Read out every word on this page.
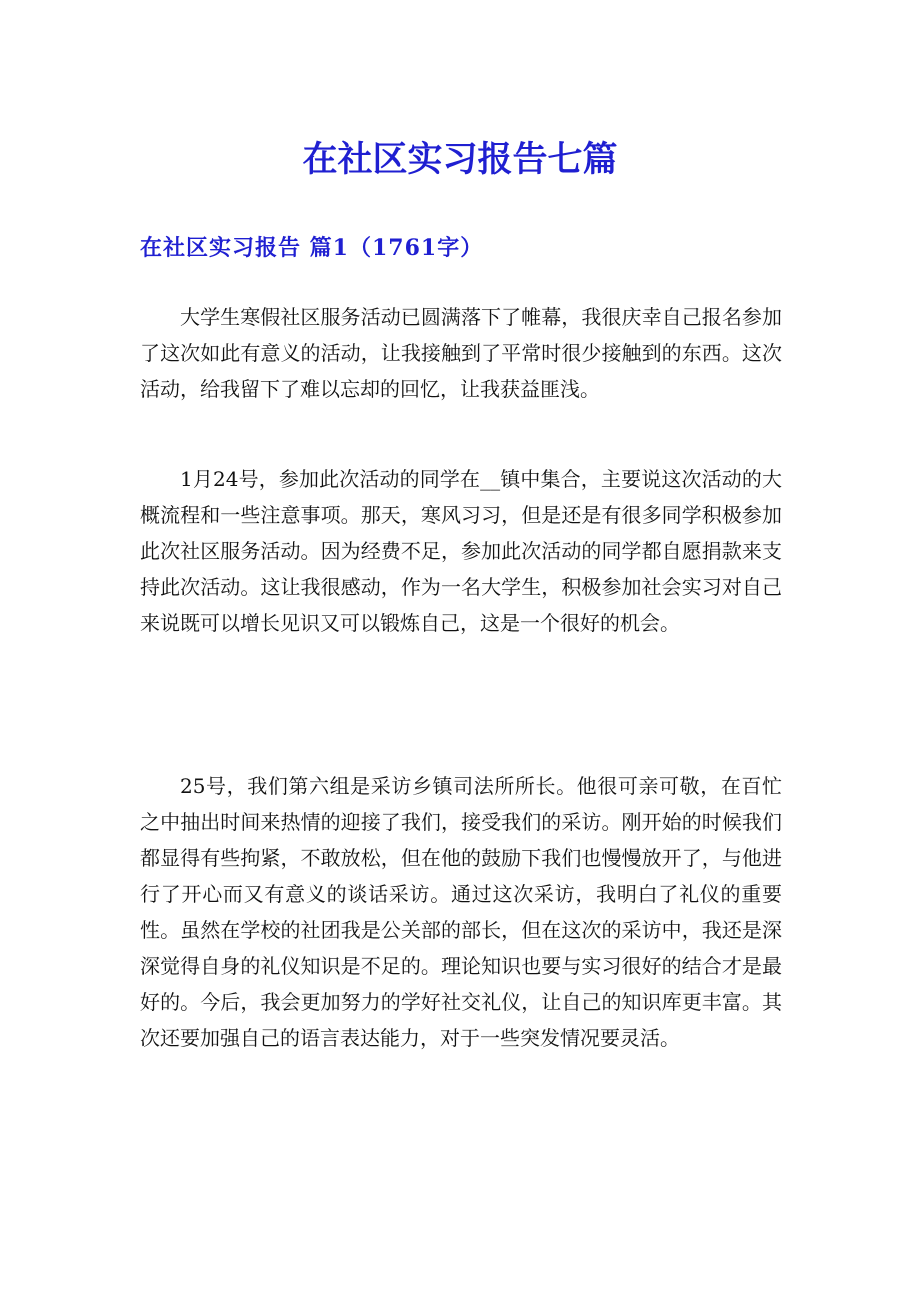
在社区实习报告七篇
在社区实习报告 篇1（1761字）

大学生寒假社区服务活动已圆满落下了帷幕，我很庆幸自己报名参加了这次如此有意义的活动，让我接触到了平常时很少接触到的东西。这次活动，给我留下了难以忘却的回忆，让我获益匪浅。

1月24号，参加此次活动的同学在__镇中集合，主要说这次活动的大概流程和一些注意事项。那天，寒风习习，但是还是有很多同学积极参加此次社区服务活动。因为经费不足，参加此次活动的同学都自愿捐款来支持此次活动。这让我很感动，作为一名大学生，积极参加社会实习对自己来说既可以增长见识又可以锻炼自己，这是一个很好的机会。

25号，我们第六组是采访乡镇司法所所长。他很可亲可敬，在百忙之中抽出时间来热情的迎接了我们，接受我们的采访。刚开始的时候我们都显得有些拘紧，不敢放松，但在他的鼓励下我们也慢慢放开了，与他进行了开心而又有意义的谈话采访。通过这次采访，我明白了礼仪的重要性。虽然在学校的社团我是公关部的部长，但在这次的采访中，我还是深深觉得自身的礼仪知识是不足的。理论知识也要与实习很好的结合才是最好的。今后，我会更加努力的学好社交礼仪，让自己的知识库更丰富。其次还要加强自己的语言表达能力，对于一些突发情况要灵活。
